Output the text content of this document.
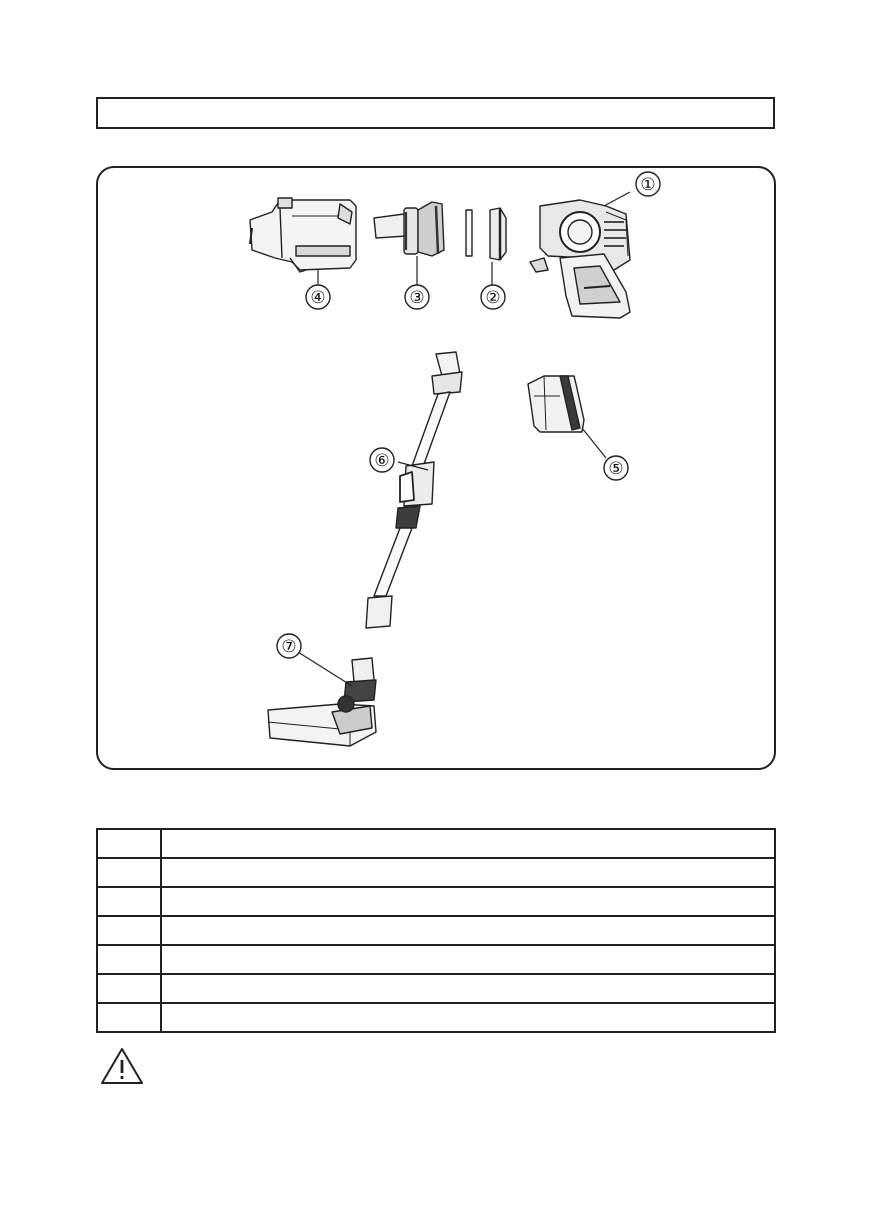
①
②
③
④
⑤
⑥
⑦
